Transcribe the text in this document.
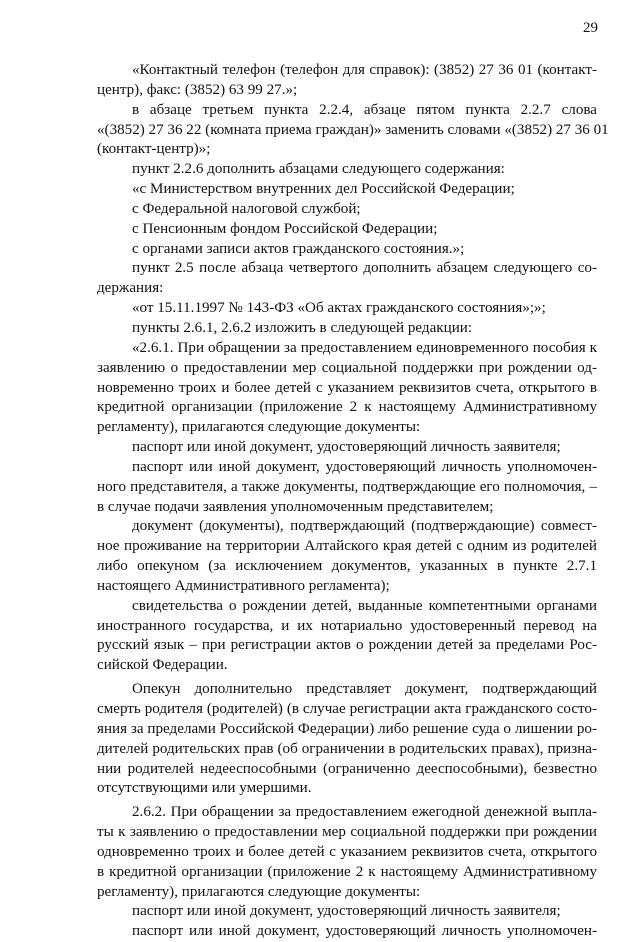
29
«Контактный телефон (телефон для справок): (3852) 27 36 01 (контакт-
центр), факс: (3852) 63 99 27.»;
в абзаце третьем пункта 2.2.4, абзаце пятом пункта 2.2.7 слова
«(3852) 27 36 22 (комната приема граждан)» заменить словами «(3852) 27 36 01
(контакт-центр)»;
пункт 2.2.6 дополнить абзацами следующего содержания:
«с Министерством внутренних дел Российской Федерации;
с Федеральной налоговой службой;
с Пенсионным фондом Российской Федерации;
с органами записи актов гражданского состояния.»;
пункт 2.5 после абзаца четвертого дополнить абзацем следующего со-
держания:
«от 15.11.1997 № 143-ФЗ «Об актах гражданского состояния»;»;
пункты 2.6.1, 2.6.2 изложить в следующей редакции:
«2.6.1. При обращении за предоставлением единовременного пособия к
заявлению о предоставлении мер социальной поддержки при рождении од-
новременно троих и более детей с указанием реквизитов счета, открытого в
кредитной организации (приложение 2 к настоящему Административному
регламенту), прилагаются следующие документы:
паспорт или иной документ, удостоверяющий личность заявителя;
паспорт или иной документ, удостоверяющий личность уполномочен-
ного представителя, а также документы, подтверждающие его полномочия, –
в случае подачи заявления уполномоченным представителем;
документ (документы), подтверждающий (подтверждающие) совмест-
ное проживание на территории Алтайского края детей с одним из родителей
либо опекуном (за исключением документов, указанных в пункте 2.7.1
настоящего Административного регламента);
свидетельства о рождении детей, выданные компетентными органами
иностранного государства, и их нотариально удостоверенный перевод на
русский язык – при регистрации актов о рождении детей за пределами Рос-
сийской Федерации.
Опекун дополнительно представляет документ, подтверждающий
смерть родителя (родителей) (в случае регистрации акта гражданского состо-
яния за пределами Российской Федерации) либо решение суда о лишении ро-
дителей родительских прав (об ограничении в родительских правах), призна-
нии родителей недееспособными (ограниченно дееспособными), безвестно
отсутствующими или умершими.
2.6.2. При обращении за предоставлением ежегодной денежной выпла-
ты к заявлению о предоставлении мер социальной поддержки при рождении
одновременно троих и более детей с указанием реквизитов счета, открытого
в кредитной организации (приложение 2 к настоящему Административному
регламенту), прилагаются следующие документы:
паспорт или иной документ, удостоверяющий личность заявителя;
паспорт или иной документ, удостоверяющий личность уполномочен-
